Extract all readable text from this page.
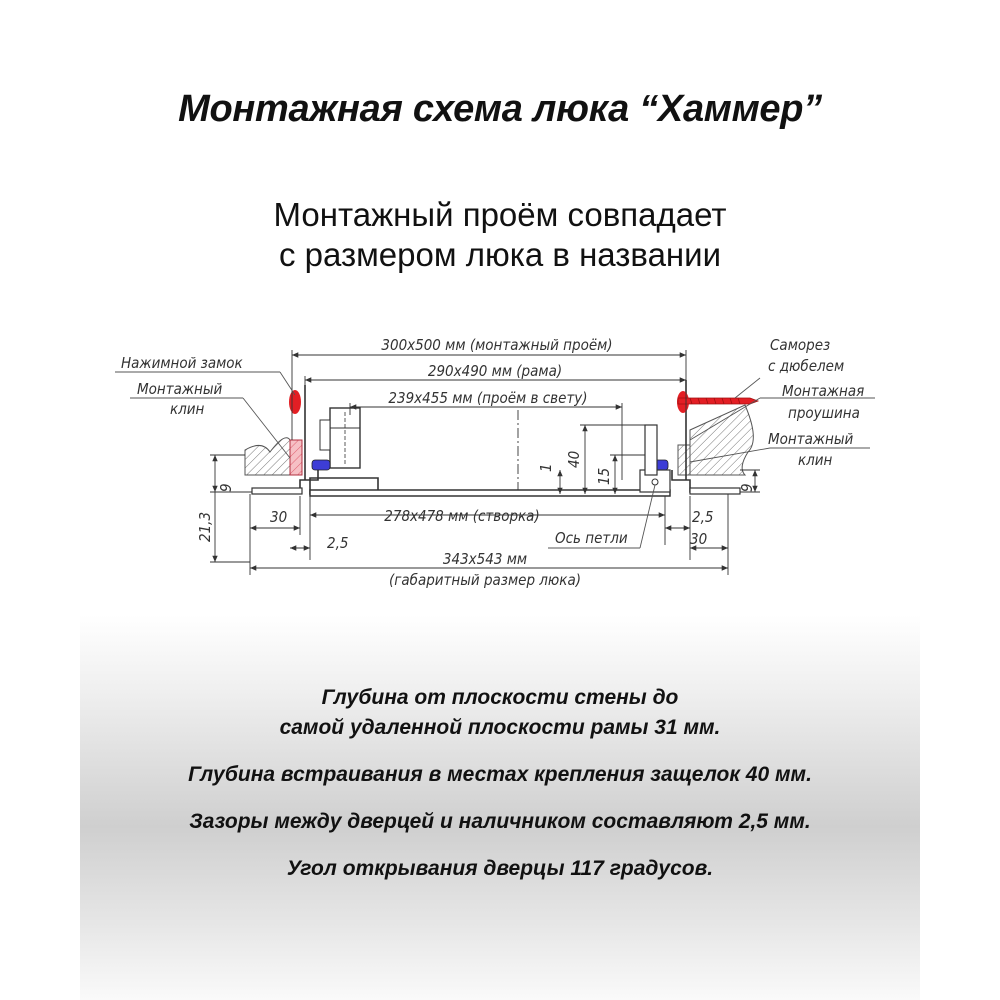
Монтажная схема люка “Хаммер”
Монтажный проём совпадает
с размером люка в названии
300х500 мм (монтажный проём)
290х490 мм (рама)
239х455 мм (проём в свету)
278х478 мм (створка)
343х543 мм
(габаритный размер люка)
Ось петли
Нажимной замок
Монтажный
клин
Саморез
с дюбелем
Монтажная
проушина
Монтажный
клин
30
2,5
2,5
30
9
21,3
1 40
15
9
Глубина от плоскости стены до
самой удаленной плоскости рамы 31 мм.
Глубина встраивания в местах крепления защелок 40 мм.
Зазоры между дверцей и наличником составляют 2,5 мм.
Угол открывания дверцы 117 градусов.
